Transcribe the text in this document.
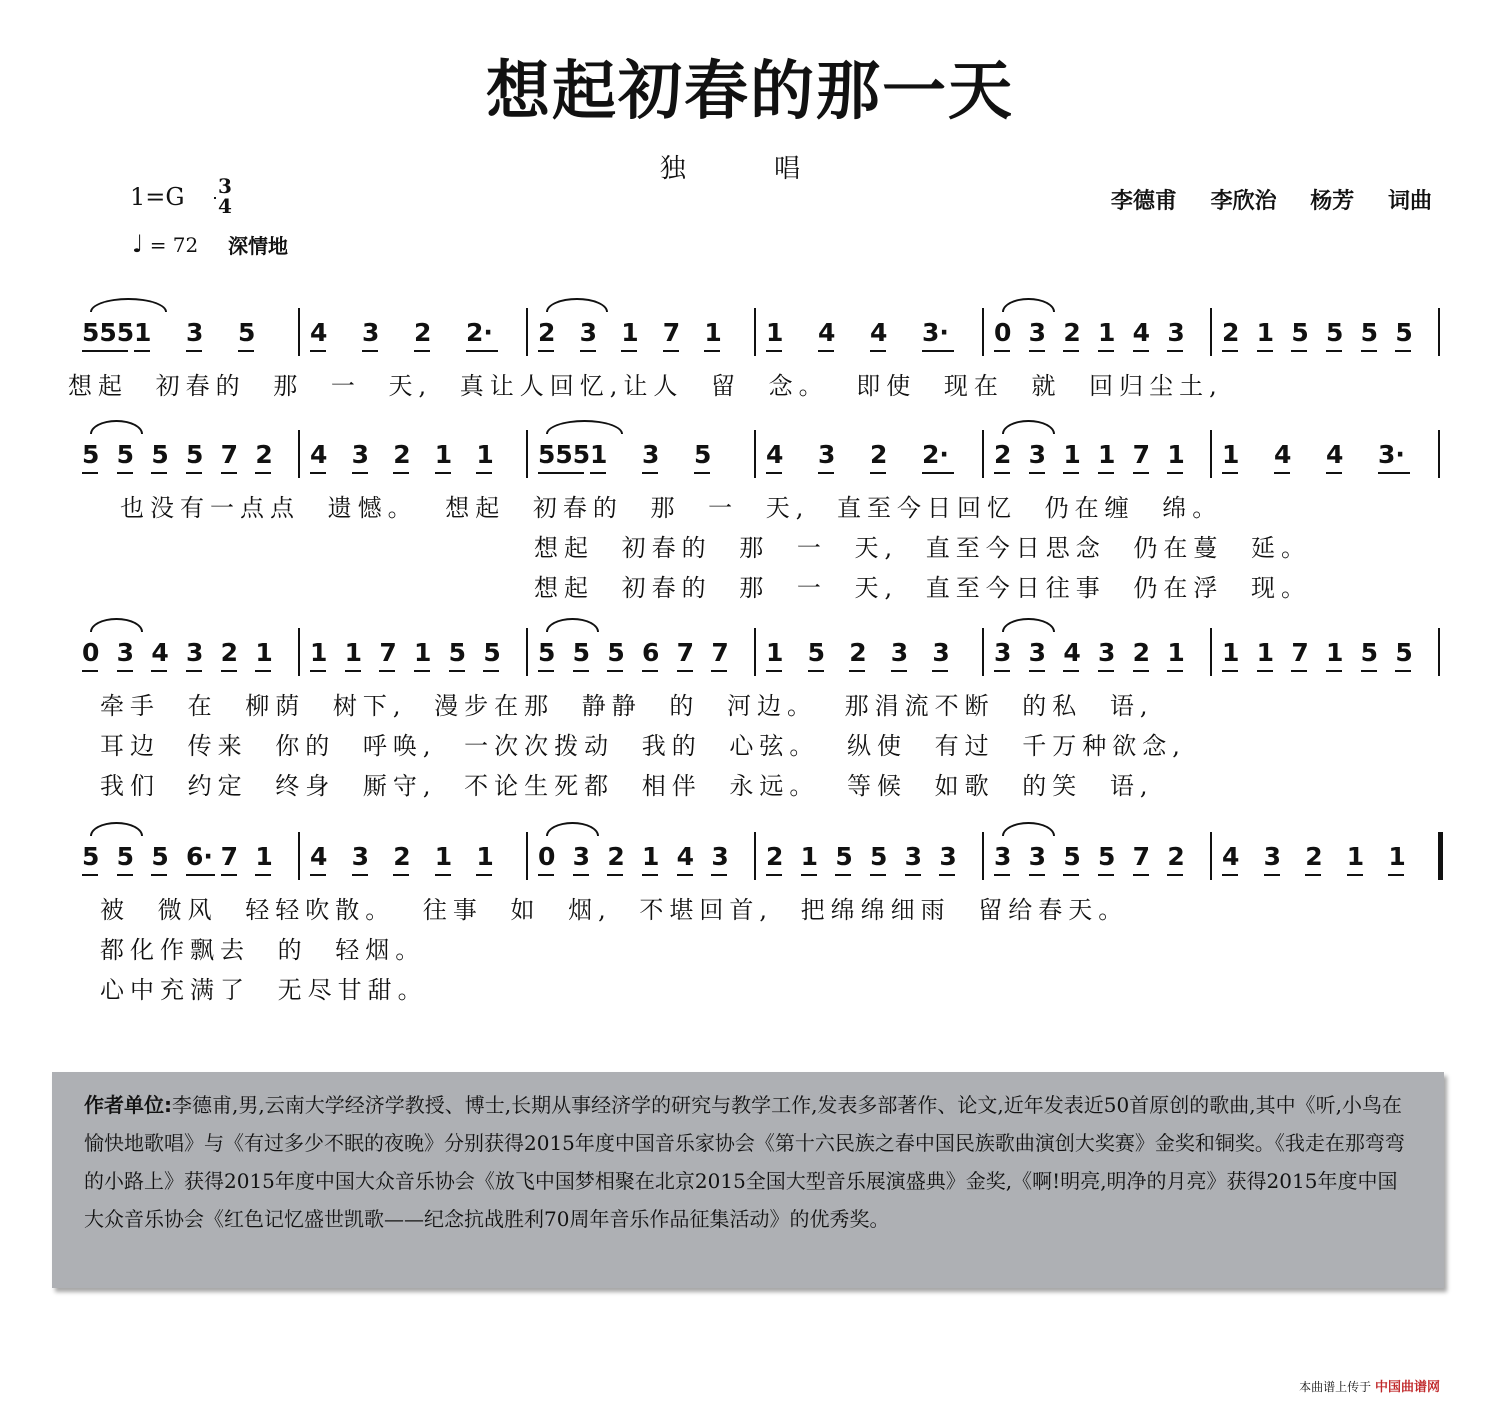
想起初春的那一天
独 唱
1=G 3
4
♩ = 72 深情地
李德甫 李欣治 杨芳 词曲
555 1 3 5 4 3 2 2· 2 3 1 7 1 1 4 4 3· 0 3 2 1 4 3 2 1 5 5 5 5
想起 初春的 那 一 天, 真让人回忆,让人 留 念。 即使 现在 就 回归尘土,
5 5 5 5 7 2 4 3 2 1 1 555 1 3 5 4 3 2 2· 2 3 1 1 7 1 1 4 4 3·
也没有一点点 遗憾。 想起 初春的 那 一 天, 直至今日回忆 仍在缠 绵。
想起 初春的 那 一 天, 直至今日思念 仍在蔓 延。
想起 初春的 那 一 天, 直至今日往事 仍在浮 现。
0 3 4 3 2 1 1 1 7 1 5 5 5 5 5 6 7 7 1 5 2 3 3 3 3 4 3 2 1 1 1 7 1 5 5
牵手 在 柳荫 树下, 漫步在那 静静 的 河边。 那涓流不断 的私 语,
耳边 传来 你的 呼唤, 一次次拨动 我的 心弦。 纵使 有过 千万种欲念,
我们 约定 终身 厮守, 不论生死都 相伴 永远。 等候 如歌 的笑 语,
5 5 5 6· 7 1 4 3 2 1 1 0 3 2 1 4 3 2 1 5 5 3 3 3 3 5 5 7 2 4 3 2 1 1
被 微风 轻轻吹散。 往事 如 烟, 不堪回首, 把绵绵细雨 留给春天。
都化作飘去 的 轻烟。
心中充满了 无尽甘甜。
作者单位:李德甫,男,云南大学经济学教授、博士,长期从事经济学的研究与教学工作,发表多部著作、论文,近年发表近50首原创的歌曲,其中《听,小鸟在愉快地歌唱》与《有过多少不眠的夜晚》分别获得2015年度中国音乐家协会《第十六民族之春中国民族歌曲演创大奖赛》金奖和铜奖。《我走在那弯弯的小路上》获得2015年度中国大众音乐协会《放飞中国梦相聚在北京2015全国大型音乐展演盛典》金奖,《啊!明亮,明净的月亮》获得2015年度中国大众音乐协会《红色记忆盛世凯歌——纪念抗战胜利70周年音乐作品征集活动》的优秀奖。
本曲谱上传于 中国曲谱网
